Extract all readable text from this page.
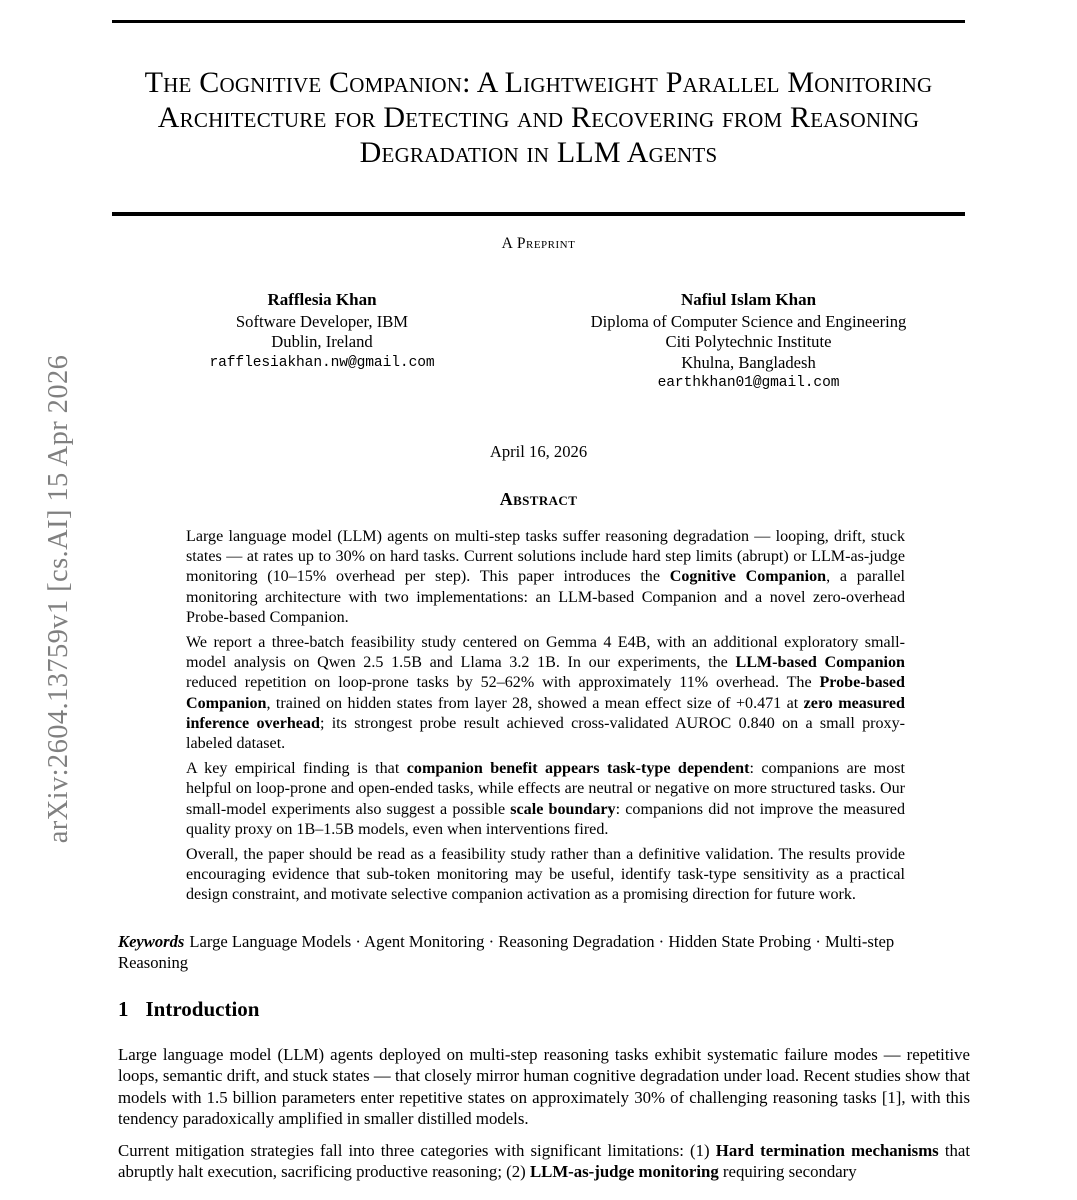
arXiv:2604.13759v1 [cs.AI] 15 Apr 2026
The Cognitive Companion: A Lightweight Parallel Monitoring Architecture for Detecting and Recovering from Reasoning Degradation in LLM Agents
A Preprint
Rafflesia Khan
Software Developer, IBM
Dublin, Ireland
rafflesiakhan.nw@gmail.com
Nafiul Islam Khan
Diploma of Computer Science and Engineering
Citi Polytechnic Institute
Khulna, Bangladesh
earthkhan01@gmail.com
April 16, 2026
Abstract

Large language model (LLM) agents on multi-step tasks suffer reasoning degradation — looping, drift, stuck states — at rates up to 30% on hard tasks. Current solutions include hard step limits (abrupt) or LLM-as-judge monitoring (10–15% overhead per step). This paper introduces the Cognitive Companion, a parallel monitoring architecture with two implementations: an LLM-based Companion and a novel zero-overhead Probe-based Companion.

We report a three-batch feasibility study centered on Gemma 4 E4B, with an additional exploratory small-model analysis on Qwen 2.5 1.5B and Llama 3.2 1B. In our experiments, the LLM-based Companion reduced repetition on loop-prone tasks by 52–62% with approximately 11% overhead. The Probe-based Companion, trained on hidden states from layer 28, showed a mean effect size of +0.471 at zero measured inference overhead; its strongest probe result achieved cross-validated AUROC 0.840 on a small proxy-labeled dataset.

A key empirical finding is that companion benefit appears task-type dependent: companions are most helpful on loop-prone and open-ended tasks, while effects are neutral or negative on more structured tasks. Our small-model experiments also suggest a possible scale boundary: companions did not improve the measured quality proxy on 1B–1.5B models, even when interventions fired.

Overall, the paper should be read as a feasibility study rather than a definitive validation. The results provide encouraging evidence that sub-token monitoring may be useful, identify task-type sensitivity as a practical design constraint, and motivate selective companion activation as a promising direction for future work.

Keywords Large Language Models · Agent Monitoring · Reasoning Degradation · Hidden State Probing · Multi-step Reasoning
1 Introduction

Large language model (LLM) agents deployed on multi-step reasoning tasks exhibit systematic failure modes — repetitive loops, semantic drift, and stuck states — that closely mirror human cognitive degradation under load. Recent studies show that models with 1.5 billion parameters enter repetitive states on approximately 30% of challenging reasoning tasks [1], with this tendency paradoxically amplified in smaller distilled models.

Current mitigation strategies fall into three categories with significant limitations: (1) Hard termination mechanisms that abruptly halt execution, sacrificing productive reasoning; (2) LLM-as-judge monitoring requiring secondary
